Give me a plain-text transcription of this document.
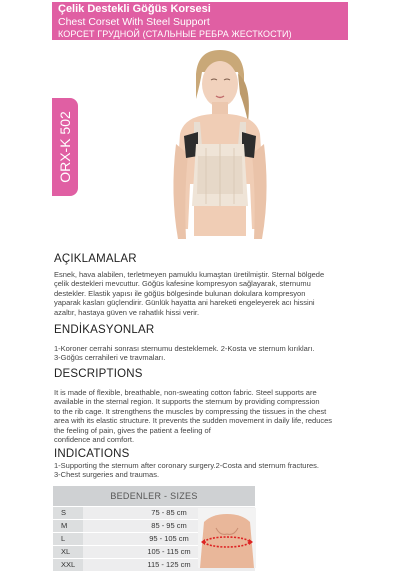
Çelik Destekli Göğüs Korsesi
Chest Corset With Steel Support
КОРСЕТ ГРУДНОЙ (СТАЛЬНЫЕ РЕБРА ЖЕСТКОСТИ)
ORX-K 502
AÇIKLAMALAR
Esnek, hava alabilen, terletmeyen pamuklu kumaştan üretilmiştir. Sternal bölgede
çelik destekleri mevcuttur. Göğüs kafesine kompresyon sağlayarak, sternumu
destekler. Elastik yapısı ile göğüs bölgesinde bulunan dokulara kompresyon
yaparak kasları güçlendirir. Günlük hayatta ani hareketi engeleyerek acı hissini
azaltır, hastaya güven ve rahatlık hissi verir.
ENDİKASYONLAR
1-Koroner cerrahi sonrası sternumu desteklemek. 2-Kosta ve sternum kırıkları.
3-Göğüs cerrahileri ve travmaları.
DESCRIPTIONS
It is made of flexible, breathable, non-sweating cotton fabric. Steel supports are
available in the sternal region. It supports the sternum by providing compression
to the rib cage. It strengthens the muscles by compressing the tissues in the chest
area with its elastic structure. It prevents the sudden movement in daily life, reduces
the feeling of pain, gives the patient a feeling of
confidence and comfort.
INDICATIONS
1-Supporting the sternum after coronary surgery.2-Costa and sternum fractures.
3-Chest surgeries and traumas.
BEDENLER - SIZES
S	75 - 85 cm
M	85 - 95 cm
L	95 - 105 cm
XL	105 - 115 cm
XXL	115 - 125 cm
